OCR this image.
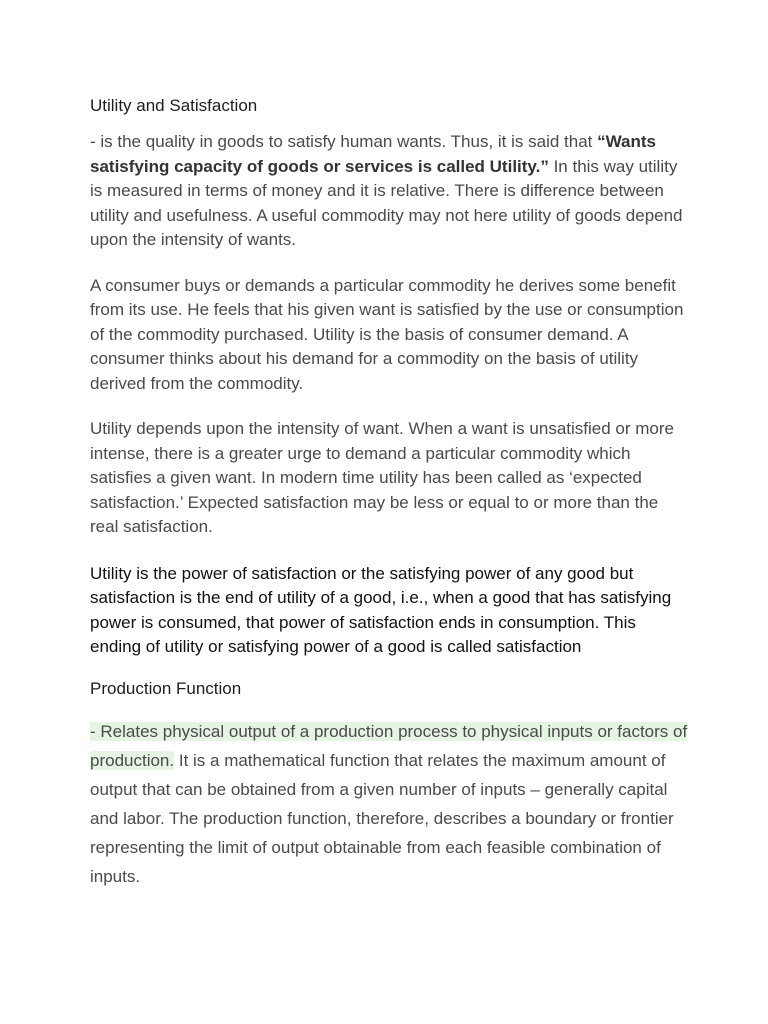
Utility and Satisfaction

- is the quality in goods to satisfy human wants. Thus, it is said that “Wants satisfying capacity of goods or services is called Utility.” In this way utility is measured in terms of money and it is relative. There is difference between utility and usefulness. A useful commodity may not here utility of goods depend upon the intensity of wants.

A consumer buys or demands a particular commodity he derives some benefit from its use. He feels that his given want is satisfied by the use or consumption of the commodity purchased. Utility is the basis of consumer demand. A consumer thinks about his demand for a commodity on the basis of utility derived from the commodity.

Utility depends upon the intensity of want. When a want is unsatisfied or more intense, there is a greater urge to demand a particular commodity which satisfies a given want. In modern time utility has been called as ‘expected satisfaction.’ Expected satisfaction may be less or equal to or more than the real satisfaction.

Utility is the power of satisfaction or the satisfying power of any good but satisfaction is the end of utility of a good, i.e., when a good that has satisfying power is consumed, that power of satisfaction ends in consumption. This ending of utility or satisfying power of a good is called satisfaction

Production Function

- Relates physical output of a production process to physical inputs or factors of production. It is a mathematical function that relates the maximum amount of output that can be obtained from a given number of inputs – generally capital and labor. The production function, therefore, describes a boundary or frontier representing the limit of output obtainable from each feasible combination of inputs.
